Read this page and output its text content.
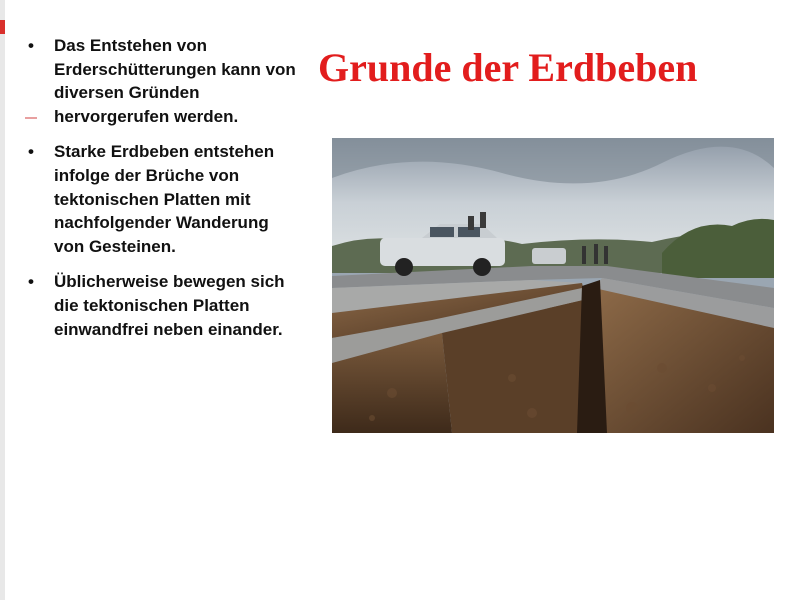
• Das Entstehen von Erderschütterungen kann von diversen Gründen hervorgerufen werden.
• Starke Erdbeben entstehen infolge der Brüche von tektonischen Platten mit nachfolgender Wanderung von Gesteinen.
• Üblicherweise bewegen sich die tektonischen Platten einwandfrei neben einander.
Grunde der Erdbeben
